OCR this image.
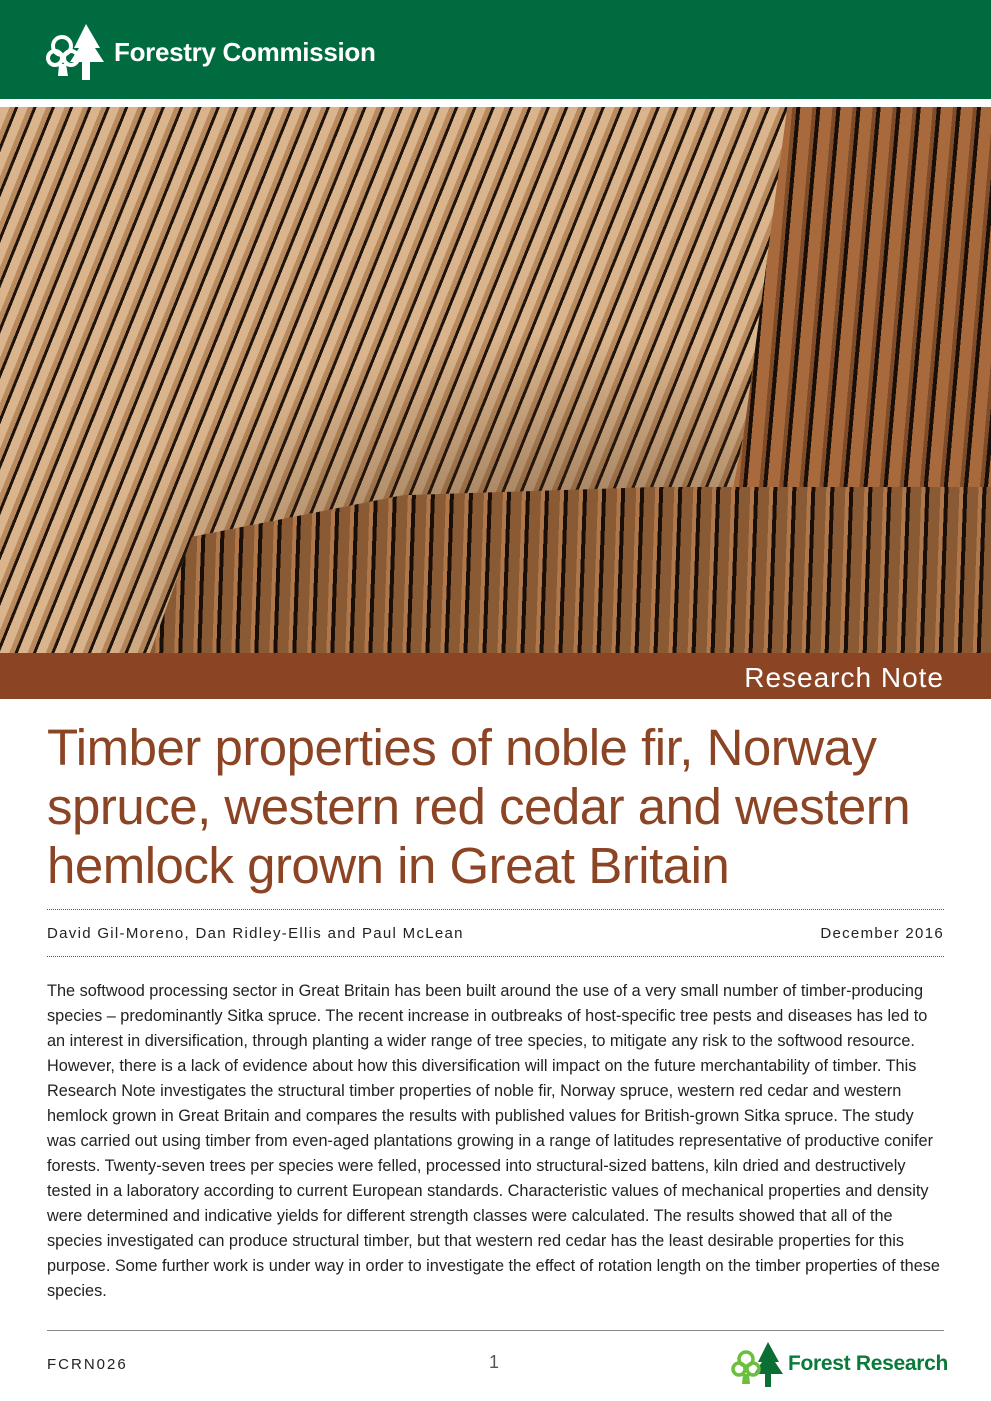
Forestry Commission
Research Note
Timber properties of noble fir, Norway spruce, western red cedar and western hemlock grown in Great Britain
David Gil-Moreno, Dan Ridley-Ellis and Paul McLean	December 2016

The softwood processing sector in Great Britain has been built around the use of a very small number of timber-producing species – predominantly Sitka spruce. The recent increase in outbreaks of host-specific tree pests and diseases has led to an interest in diversification, through planting a wider range of tree species, to mitigate any risk to the softwood resource. However, there is a lack of evidence about how this diversification will impact on the future merchantability of timber. This Research Note investigates the structural timber properties of noble fir, Norway spruce, western red cedar and western hemlock grown in Great Britain and compares the results with published values for British-grown Sitka spruce. The study was carried out using timber from even-aged plantations growing in a range of latitudes representative of productive conifer forests. Twenty-seven trees per species were felled, processed into structural-sized battens, kiln dried and destructively tested in a laboratory according to current European standards. Characteristic values of mechanical properties and density were determined and indicative yields for different strength classes were calculated. The results showed that all of the species investigated can produce structural timber, but that western red cedar has the least desirable properties for this purpose. Some further work is under way in order to investigate the effect of rotation length on the timber properties of these species.

FCRN026	1	Forest Research
